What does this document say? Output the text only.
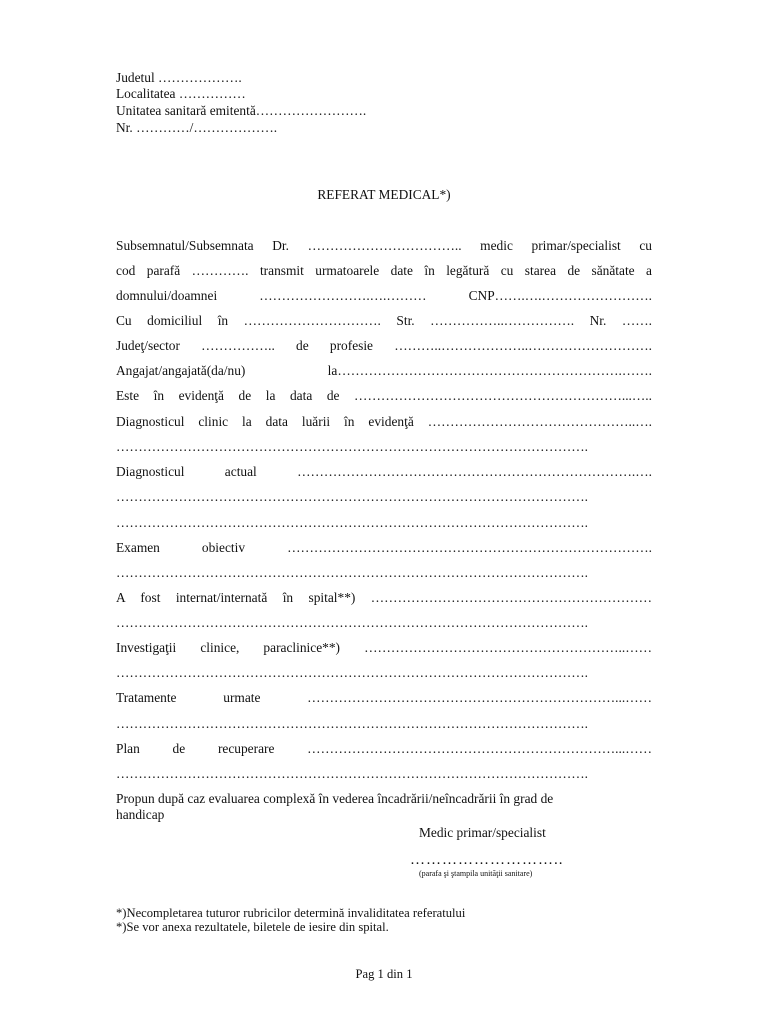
Judetul ……………….
Localitatea ……………
Unitatea sanitară emitentă…………………….
Nr. …………/……………….
REFERAT MEDICAL*)
Subsemnatul/Subsemnata Dr. …………………………….. medic primar/specialist cu
cod parafă …………. transmit urmatoarele date în legătură cu starea de sănătate a
domnului/doamnei …………………….….……… CNP…….….…………………….
Cu domiciliul în …………………………. Str. ……………..……………. Nr. …….
Judeţ/sector …………….. de profesie ………..………………..……………………….
Angajat/angajată(da/nu) la……………………………………………………….…….
Este în evidenţă de la data de ……………………………………………………...…..
Diagnosticul clinic la data luării în evidenţă ………………………………………..….
…………………………………………………………………………………………….
Diagnosticul actual ………………………………………………………………….….
…………………………………………………………………………………………….
…………………………………………………………………………………………….
Examen obiectiv ……………………………………………………………………….
…………………………………………………………………………………………….
A fost internat/internată în spital**) ………………………………………………………
…………………………………………………………………………………………….
Investigaţii clinice, paraclinice**) …………………………………………………..……
…………………………………………………………………………………………….
Tratamente urmate ……………………………………………………………...……
…………………………………………………………………………………………….
Plan de recuperare ……………………………………………………………...……
…………………………………………………………………………………………….
Propun după caz evaluarea complexă în vederea încadrării/neîncadrării în grad de
handicap
Medic primar/specialist
………………………..
(parafa şi ştampila unităţii sanitare)
*)Necompletarea tuturor rubricilor determină invaliditatea referatului
*)Se vor anexa rezultatele, biletele de iesire din spital.
Pag 1 din 1
